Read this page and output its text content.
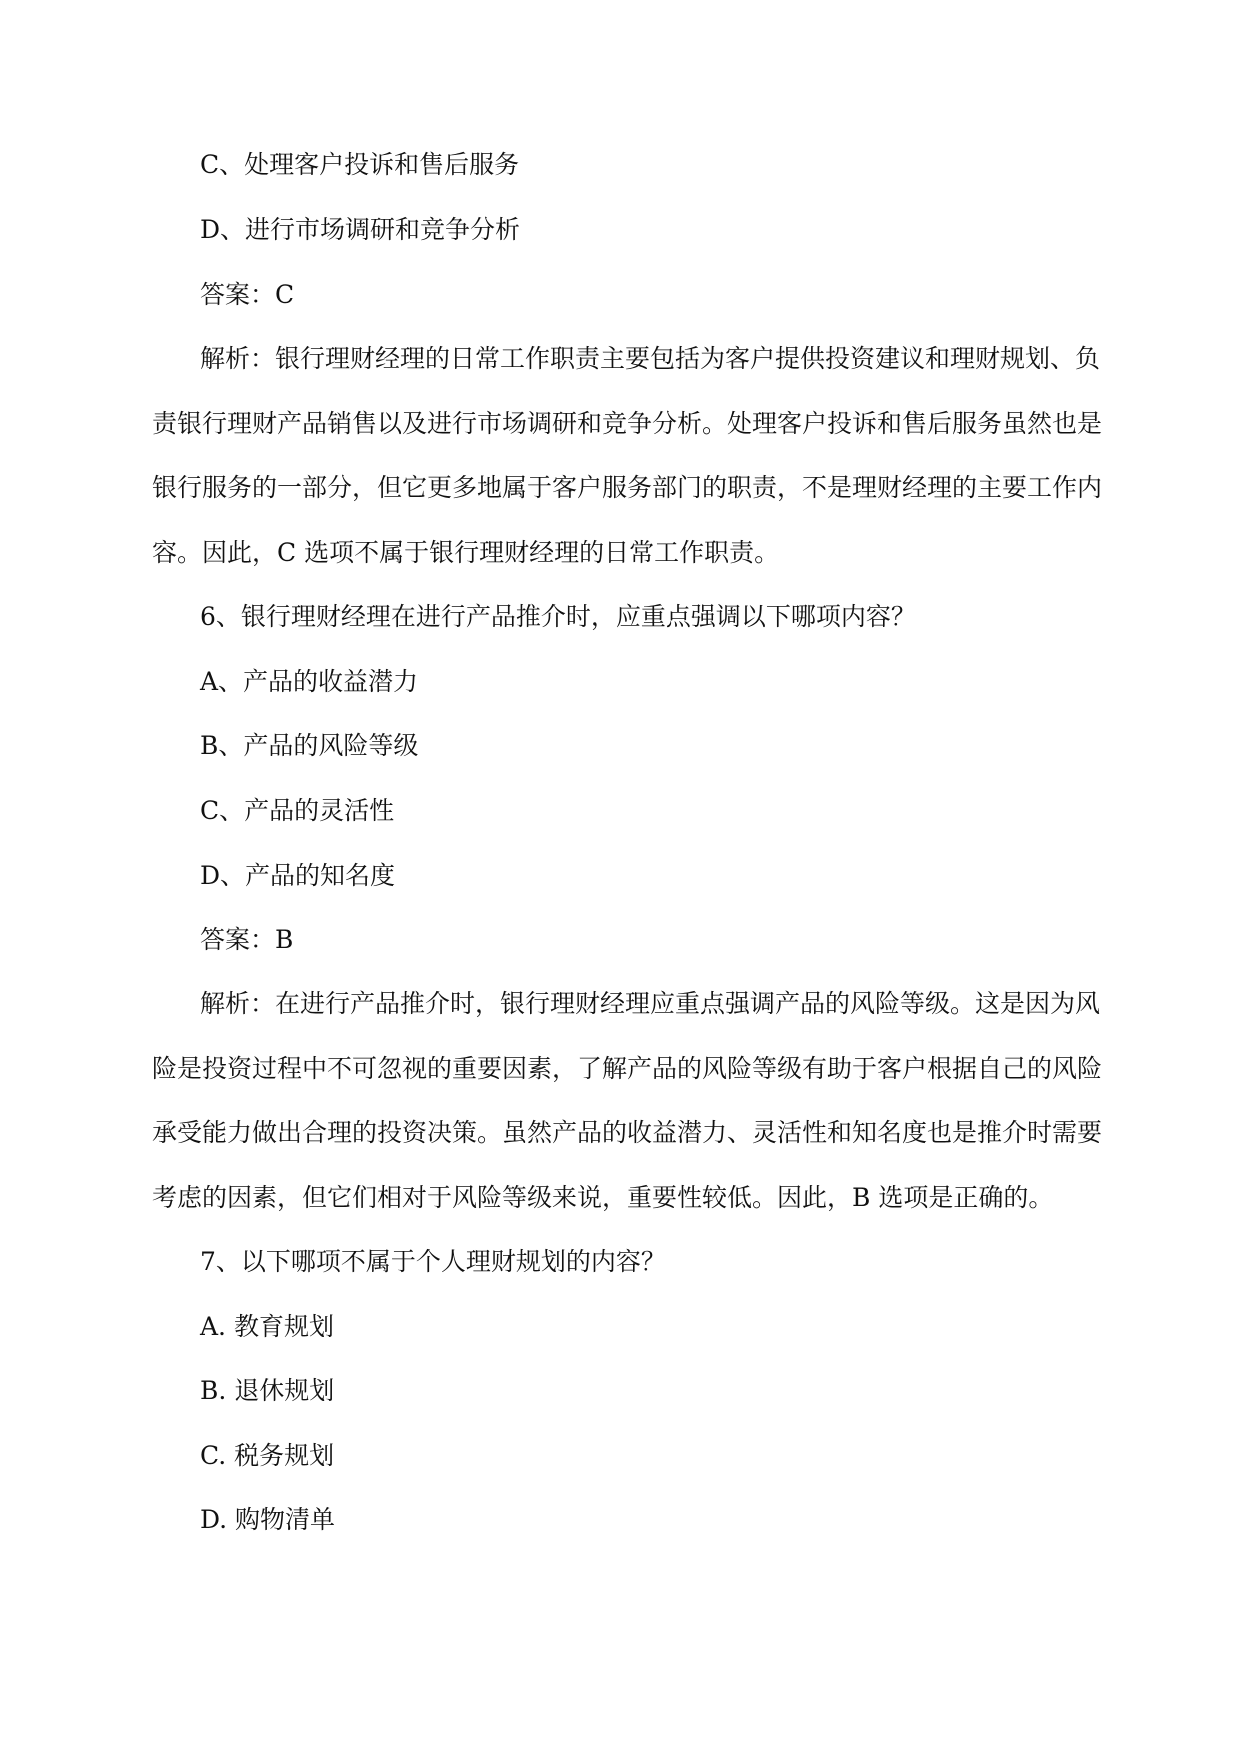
C、处理客户投诉和售后服务
D、进行市场调研和竞争分析
答案：C
解析：银行理财经理的日常工作职责主要包括为客户提供投资建议和理财规划、负
责银行理财产品销售以及进行市场调研和竞争分析。处理客户投诉和售后服务虽然也是
银行服务的一部分，但它更多地属于客户服务部门的职责，不是理财经理的主要工作内
容。因此，C 选项不属于银行理财经理的日常工作职责。
6、银行理财经理在进行产品推介时，应重点强调以下哪项内容？
A、产品的收益潜力
B、产品的风险等级
C、产品的灵活性
D、产品的知名度
答案：B
解析：在进行产品推介时，银行理财经理应重点强调产品的风险等级。这是因为风
险是投资过程中不可忽视的重要因素，了解产品的风险等级有助于客户根据自己的风险
承受能力做出合理的投资决策。虽然产品的收益潜力、灵活性和知名度也是推介时需要
考虑的因素，但它们相对于风险等级来说，重要性较低。因此，B 选项是正确的。
7、以下哪项不属于个人理财规划的内容？
A. 教育规划
B. 退休规划
C. 税务规划
D. 购物清单
